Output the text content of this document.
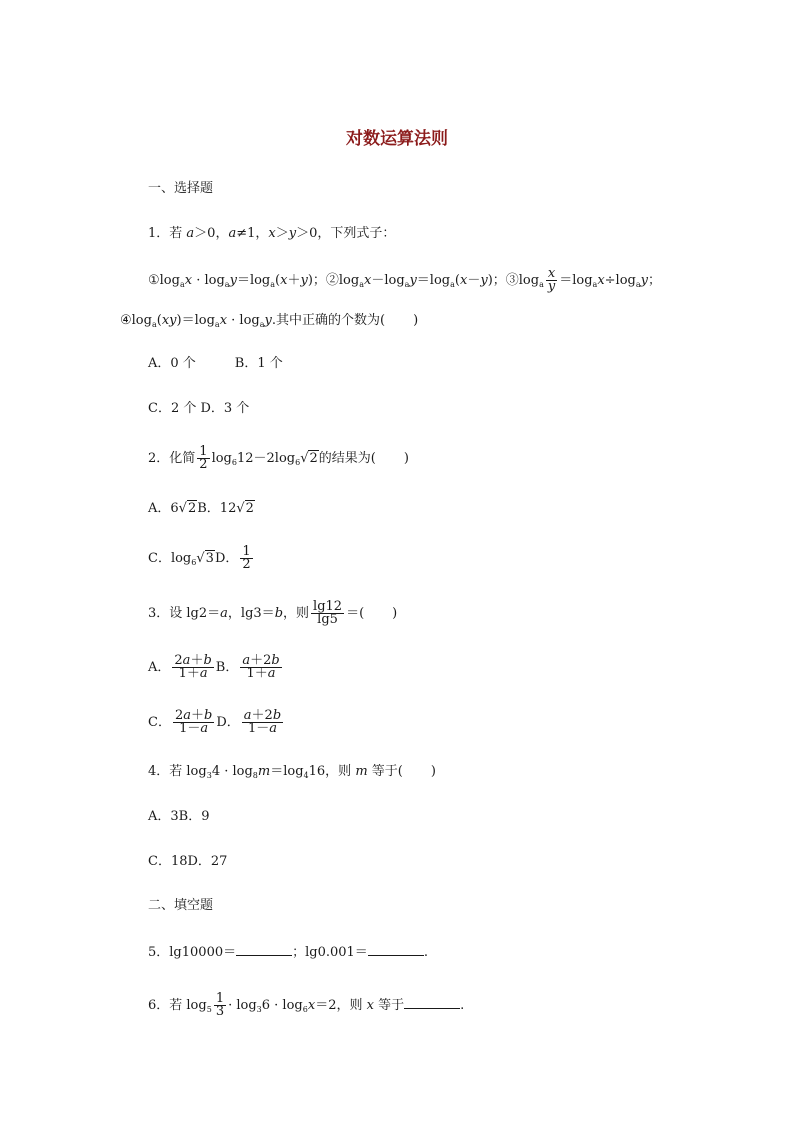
对数运算法则
一、选择题
1．若 a＞0，a≠1，x＞y＞0，下列式子：
$①\log_ax \cdot \log_ay=\log_a(x+y)$；$②\log_ax-\log_ay=\log_a(x-y)$；$③\log_a \frac{x}{y} =\log_ax\div\log_ay$；
$④\log_a(xy)=\log_ax \cdot \log_ay$.其中正确的个数为( )
A．0 个　　　B．1 个
C．2 个 D．3 个
2．化简 $\frac{1}{2} \log_612-2\log_6√2$的结果为( )
A．6√2B．12√2
C．$\log_6√3D$． $\frac{1}{2}$
3．设 lg2＝a，lg3＝b，则 $\frac{\lg 12}{\lg 5}$ ＝( )
A． $\frac{2a+b}{1+a}$ B． $\frac{a+2b}{1+a}$
C． $\frac{2a+b}{1-a}$ D． $\frac{a+2b}{1-a}$
4．若 $\log_34 \cdot \log_8m=\log_416$，则 m 等于( )
A．3B．9
C．18D．27
二、填空题
5．lg10000＝	；lg0.001＝	.
6．若 $\log_5 \frac{1}{3} \cdot \log_36 \cdot \log_6x=2$，则 x 等于	.
